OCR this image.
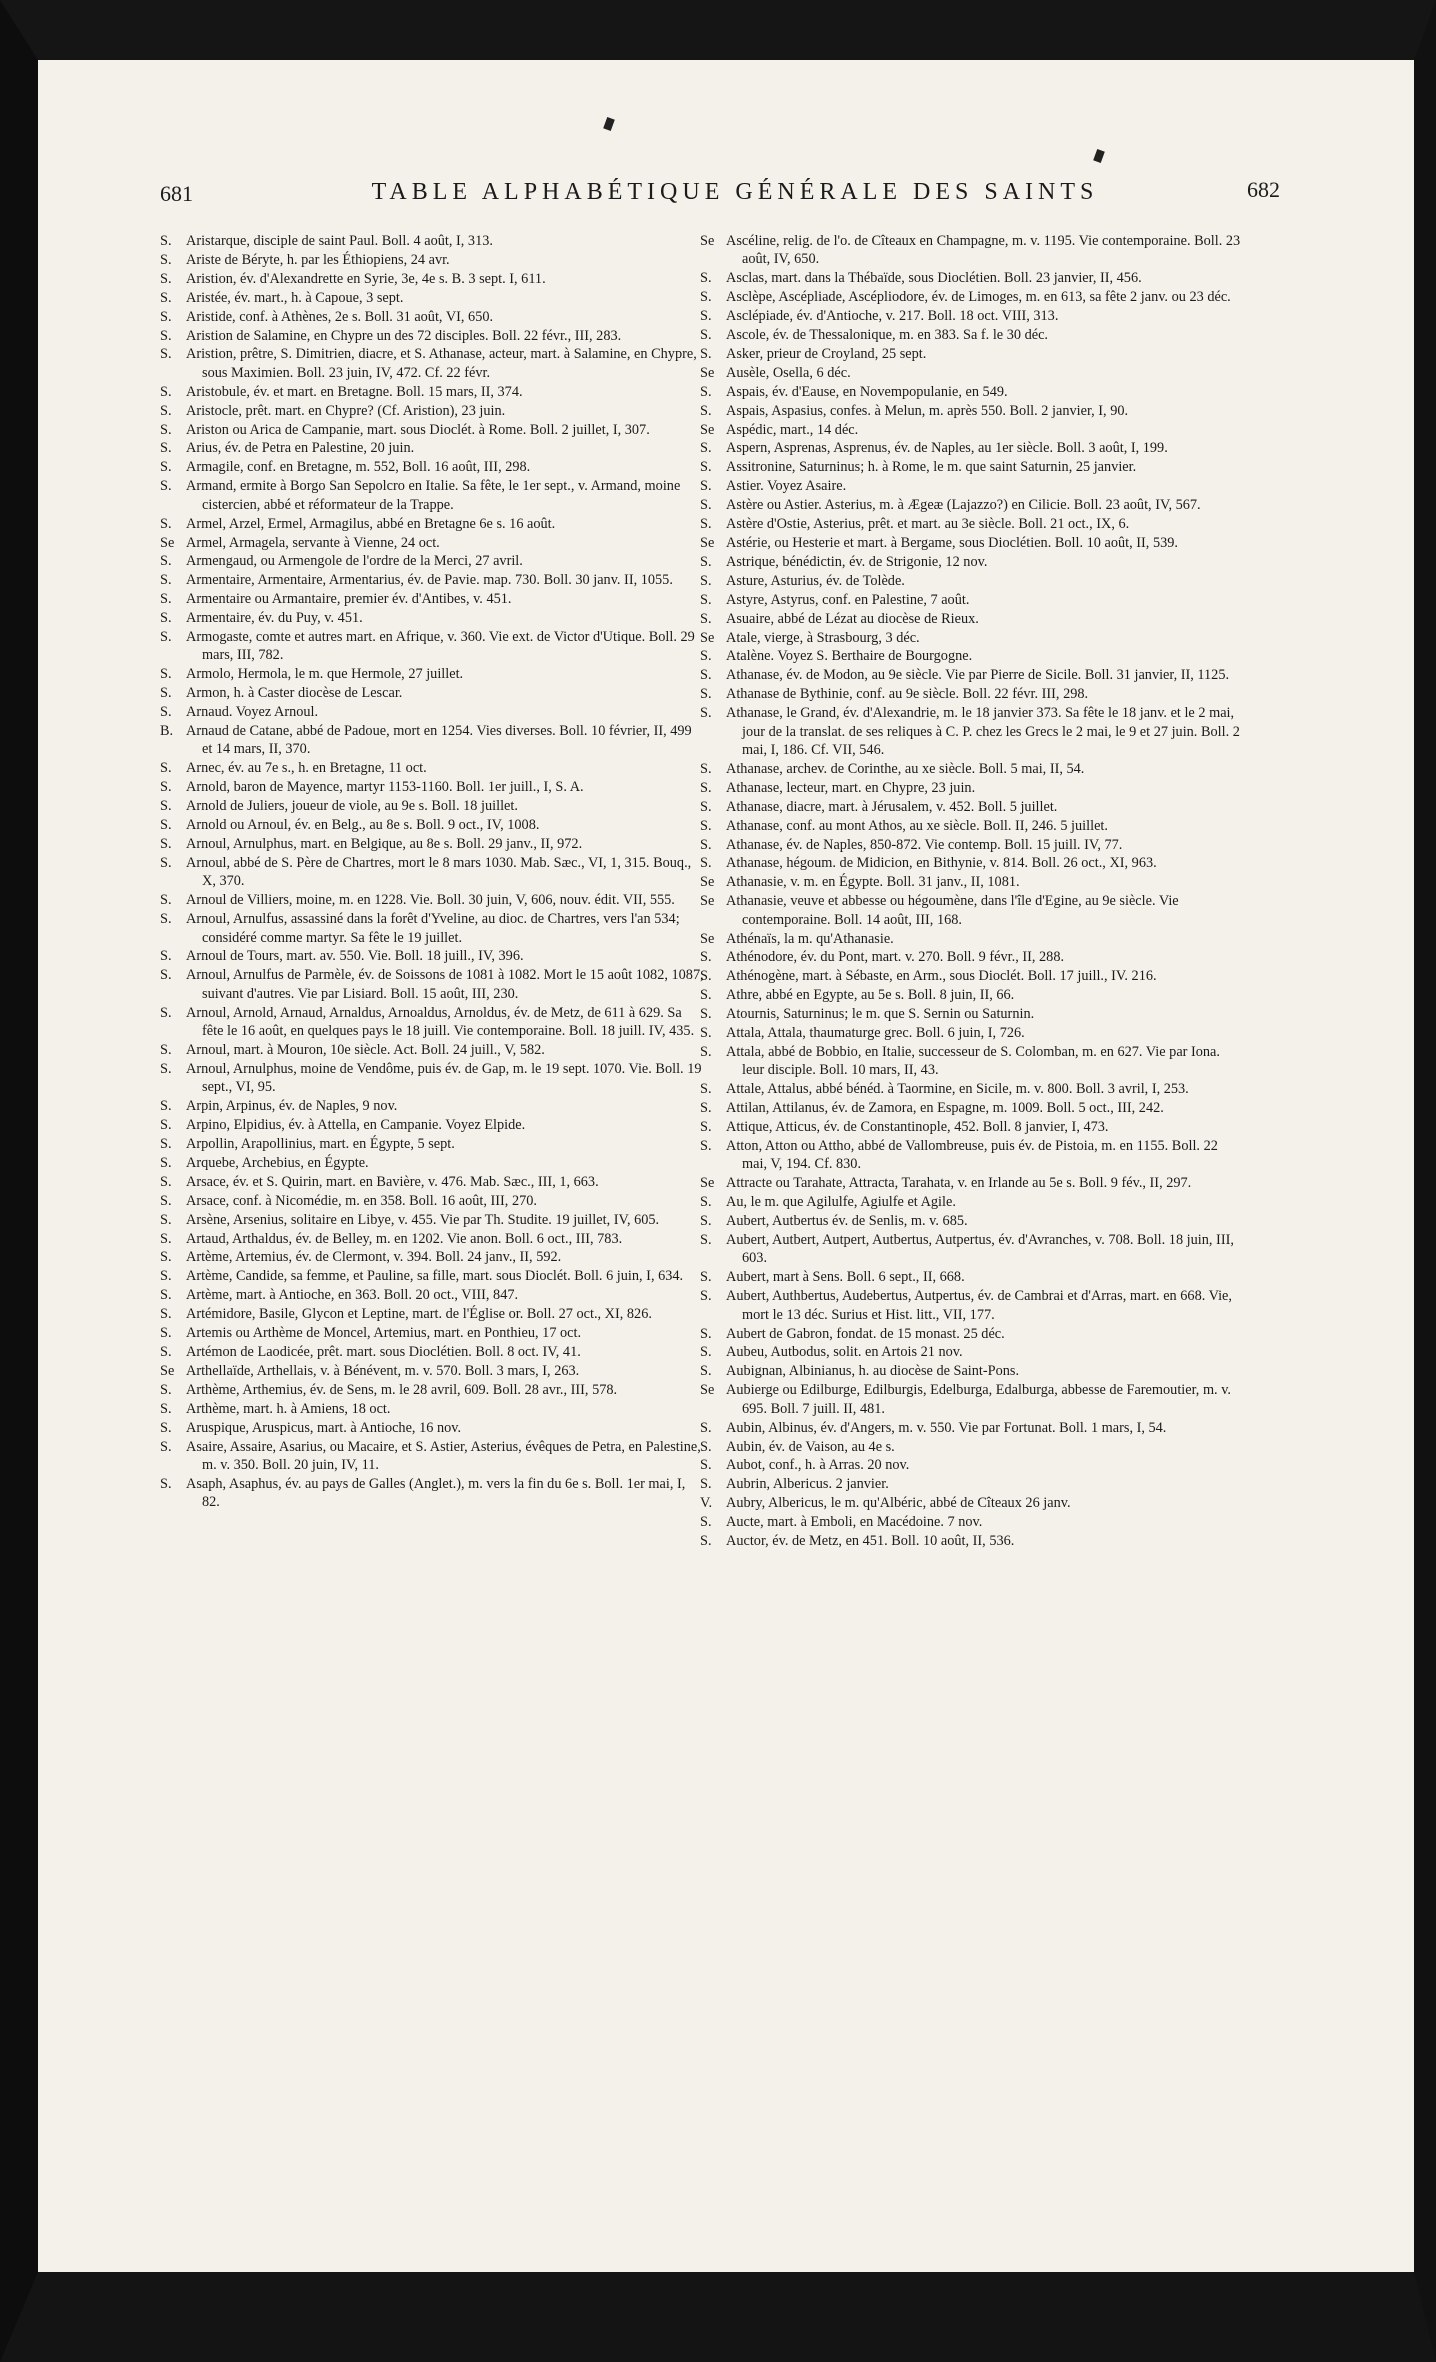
681	TABLE ALPHABÉTIQUE GÉNÉRALE DES SAINTS	682
S.	Aristarque, disciple de saint Paul. Boll. 4 août, I, 313.
S.	Ariste de Béryte, h. par les Éthiopiens, 24 avr.
S.	Aristion, év. d'Alexandrette en Syrie, 3e, 4e s. B. 3 sept. I, 611.
S.	Aristée, év. mart., h. à Capoue, 3 sept.
S.	Aristide, conf. à Athènes, 2e s. Boll. 31 août, VI, 650.
S.	Aristion de Salamine, en Chypre un des 72 disciples. Boll. 22 févr., III, 283.
S.	Aristion, prêtre, S. Dimitrien, diacre, et S. Athanase, acteur, mart. à Salamine, en Chypre, sous Maximien. Boll. 23 juin, IV, 472. Cf. 22 févr.
S.	Aristobule, év. et mart. en Bretagne. Boll. 15 mars, II, 374.
S.	Aristocle, prêt. mart. en Chypre? (Cf. Aristion), 23 juin.
S.	Ariston ou Arica de Campanie, mart. sous Dioclét. à Rome. Boll. 2 juillet, I, 307.
S.	Arius, év. de Petra en Palestine, 20 juin.
S.	Armagile, conf. en Bretagne, m. 552, Boll. 16 août, III, 298.
S.	Armand, ermite à Borgo San Sepolcro en Italie. Sa fête, le 1er sept., v. Armand, moine cistercien, abbé et réformateur de la Trappe.
S.	Armel, Arzel, Ermel, Armagilus, abbé en Bretagne 6e s. 16 août.
Se Armel, Armagela, servante à Vienne, 24 oct.
S.	Armengaud, ou Armengole de l'ordre de la Merci, 27 avril.
S.	Armentaire, Armentaire, Armentarius, év. de Pavie. map. 730. Boll. 30 janv. II, 1055.
S.	Armentaire ou Armantaire, premier év. d'Antibes, v. 451.
S.	Armentaire, év. du Puy, v. 451.
S.	Armogaste, comte et autres mart. en Afrique, v. 360. Vie ext. de Victor d'Utique. Boll. 29 mars, III, 782.
S.	Armolo, Hermola, le m. que Hermole, 27 juillet.
S.	Armon, h. à Caster diocèse de Lescar.
S.	Arnaud. Voyez Arnoul.
B. Arnaud de Catane, abbé de Padoue, mort en 1254. Vies diverses. Boll. 10 février, II, 499 et 14 mars, II, 370.
S.	Arnec, év. au 7e s., h. en Bretagne, 11 oct.
S.	Arnold, baron de Mayence, martyr 1153-1160. Boll. 1er juill., I, S. A.
S.	Arnold de Juliers, joueur de viole, au 9e s. Boll. 18 juillet.
S.	Arnold ou Arnoul, év. en Belg., au 8e s. Boll. 9 oct., IV, 1008.
S.	Arnoul, Arnulphus, mart. en Belgique, au 8e s. Boll. 29 janv., II, 972.
S.	Arnoul, abbé de S. Père de Chartres, mort le 8 mars 1030. Mab. Sæc., VI, 1, 315. Bouq., X, 370.
S.	Arnoul de Villiers, moine, m. en 1228. Vie. Boll. 30 juin, V, 606, nouv. édit. VII, 555.
S.	Arnoul, Arnulfus, assassiné dans la forêt d'Yveline, au dioc. de Chartres, vers l'an 534; considéré comme martyr. Sa fête le 19 juillet.
S.	Arnoul de Tours, mart. av. 550. Vie. Boll. 18 juill., IV, 396.
S.	Arnoul, Arnulfus de Parmèle, év. de Soissons de 1081 à 1082. Mort le 15 août 1082, 1087, suivant d'autres. Vie par Lisiard. Boll. 15 août, III, 230.
S.	Arnoul, Arnold, Arnaud, Arnaldus, Arnoaldus, Arnoldus, év. de Metz, de 611 à 629. Sa fête le 16 août, en quelques pays le 18 juill. Vie contemporaine. Boll. 18 juill. IV, 435.
S.	Arnoul, mart. à Mouron, 10e siècle. Act. Boll. 24 juill., V, 582.
S.	Arnoul, Arnulphus, moine de Vendôme, puis év. de Gap, m. le 19 sept. 1070. Vie. Boll. 19 sept., VI, 95.
S.	Arpin, Arpinus, év. de Naples, 9 nov.
S.	Arpino, Elpidius, év. à Attella, en Campanie. Voyez Elpide.
S.	Arpollin, Arapollinius, mart. en Égypte, 5 sept.
S.	Arquebe, Archebius, en Égypte.
S.	Arsace, év. et S. Quirin, mart. en Bavière, v. 476. Mab. Sæc., III, 1, 663.
S.	Arsace, conf. à Nicomédie, m. en 358. Boll. 16 août, III, 270.
S.	Arsène, Arsenius, solitaire en Libye, v. 455. Vie par Th. Studite. 19 juillet, IV, 605.
S.	Artaud, Arthaldus, év. de Belley, m. en 1202. Vie anon. Boll. 6 oct., III, 783.
S.	Artème, Artemius, év. de Clermont, v. 394. Boll. 24 janv., II, 592.
S.	Artème, Candide, sa femme, et Pauline, sa fille, mart. sous Dioclét. Boll. 6 juin, I, 634.
S.	Artème, mart. à Antioche, en 363. Boll. 20 oct., VIII, 847.
S.	Artémidore, Basile, Glycon et Leptine, mart. de l'Église or. Boll. 27 oct., XI, 826.
S.	Artemis ou Arthème de Moncel, Artemius, mart. en Ponthieu, 17 oct.
S.	Artémon de Laodicée, prêt. mart. sous Dioclétien. Boll. 8 oct. IV, 41.
Se Arthellaïde, Arthellais, v. à Bénévent, m. v. 570. Boll. 3 mars, I, 263.
S.	Arthème, Arthemius, év. de Sens, m. le 28 avril, 609. Boll. 28 avr., III, 578.
S.	Arthème, mart. h. à Amiens, 18 oct.
S.	Aruspique, Aruspicus, mart. à Antioche, 16 nov.
S.	Asaire, Assaire, Asarius, ou Macaire, et S. Astier, Asterius, évêques de Petra, en Palestine, m. v. 350. Boll. 20 juin, IV, 11.
S.	Asaph, Asaphus, év. au pays de Galles (Anglet.), m. vers la fin du 6e s. Boll. 1er mai, I, 82.
Se Ascéline, relig. de l'o. de Cîteaux en Champagne, m. v. 1195. Vie contemporaine. Boll. 23 août, IV, 650.
S.	Asclas, mart. dans la Thébaïde, sous Dioclétien. Boll. 23 janvier, II, 456.
S.	Asclèpe, Ascépliade, Ascépliodore, év. de Limoges, m. en 613, sa fête 2 janv. ou 23 déc.
S.	Asclépiade, év. d'Antioche, v. 217. Boll. 18 oct. VIII, 313.
S.	Ascole, év. de Thessalonique, m. en 383. Sa f. le 30 déc.
S.	Asker, prieur de Croyland, 25 sept.
Se Ausèle, Osella, 6 déc.
S.	Aspais, év. d'Eause, en Novempopulanie, en 549.
S.	Aspais, Aspasius, confes. à Melun, m. après 550. Boll. 2 janvier, I, 90.
Se Aspédic, mart., 14 déc.
S.	Aspern, Asprenas, Asprenus, év. de Naples, au 1er siècle. Boll. 3 août, I, 199.
S.	Assitronine, Saturninus; h. à Rome, le m. que saint Saturnin, 25 janvier.
S.	Astier. Voyez Asaire.
S.	Astère ou Astier. Asterius, m. à Ægeæ (Lajazzo?) en Cilicie. Boll. 23 août, IV, 567.
S.	Astère d'Ostie, Asterius, prêt. et mart. au 3e siècle. Boll. 21 oct., IX, 6.
Se Astérie, ou Hesterie et mart. à Bergame, sous Dioclétien. Boll. 10 août, II, 539.
S.	Astrique, bénédictin, év. de Strigonie, 12 nov.
S.	Asture, Asturius, év. de Tolède.
S.	Astyre, Astyrus, conf. en Palestine, 7 août.
S.	Asuaire, abbé de Lézat au diocèse de Rieux.
Se Atale, vierge, à Strasbourg, 3 déc.
S.	Atalène. Voyez S. Berthaire de Bourgogne.
S.	Athanase, év. de Modon, au 9e siècle. Vie par Pierre de Sicile. Boll. 31 janvier, II, 1125.
S.	Athanase de Bythinie, conf. au 9e siècle. Boll. 22 févr. III, 298.
S.	Athanase, le Grand, év. d'Alexandrie, m. le 18 janvier 373. Sa fête le 18 janv. et le 2 mai, jour de la translat. de ses reliques à C. P. chez les Grecs le 2 mai, le 9 et 27 juin. Boll. 2 mai, I, 186. Cf. VII, 546.
S.	Athanase, archev. de Corinthe, au xe siècle. Boll. 5 mai, II, 54.
S.	Athanase, lecteur, mart. en Chypre, 23 juin.
S.	Athanase, diacre, mart. à Jérusalem, v. 452. Boll. 5 juillet.
S.	Athanase, conf. au mont Athos, au xe siècle. Boll. II, 246. 5 juillet.
S.	Athanase, év. de Naples, 850-872. Vie contemp. Boll. 15 juill. IV, 77.
S.	Athanase, hégoum. de Midicion, en Bithynie, v. 814. Boll. 26 oct., XI, 963.
Se Athanasie, v. m. en Égypte. Boll. 31 janv., II, 1081.
Se Athanasie, veuve et abbesse ou hégoumène, dans l'île d'Egine, au 9e siècle. Vie contemporaine. Boll. 14 août, III, 168.
Se Athénaïs, la m. qu'Athanasie.
S.	Athénodore, év. du Pont, mart. v. 270. Boll. 9 févr., II, 288.
S.	Athénogène, mart. à Sébaste, en Arm., sous Dioclét. Boll. 17 juill., IV. 216.
S.	Athre, abbé en Egypte, au 5e s. Boll. 8 juin, II, 66.
S.	Atournis, Saturninus; le m. que S. Sernin ou Saturnin.
S.	Attala, Attala, thaumaturge grec. Boll. 6 juin, I, 726.
S.	Attala, abbé de Bobbio, en Italie, successeur de S. Colomban, m. en 627. Vie par Iona. leur disciple. Boll. 10 mars, II, 43.
S.	Attale, Attalus, abbé bénéd. à Taormine, en Sicile, m. v. 800. Boll. 3 avril, I, 253.
S.	Attilan, Attilanus, év. de Zamora, en Espagne, m. 1009. Boll. 5 oct., III, 242.
S.	Attique, Atticus, év. de Constantinople, 452. Boll. 8 janvier, I, 473.
S.	Atton, Atton ou Attho, abbé de Vallombreuse, puis év. de Pistoia, m. en 1155. Boll. 22 mai, V, 194. Cf. 830.
Se Attracte ou Tarahate, Attracta, Tarahata, v. en Irlande au 5e s. Boll. 9 fév., II, 297.
S.	Au, le m. que Agilulfe, Agiulfe et Agile.
S.	Aubert, Autbertus év. de Senlis, m. v. 685.
S.	Aubert, Autbert, Autpert, Autbertus, Autpertus, év. d'Avranches, v. 708. Boll. 18 juin, III, 603.
S.	Aubert, mart à Sens. Boll. 6 sept., II, 668.
S.	Aubert, Authbertus, Audebertus, Autpertus, év. de Cambrai et d'Arras, mart. en 668. Vie, mort le 13 déc. Surius et Hist. litt., VII, 177.
S.	Aubert de Gabron, fondat. de 15 monast. 25 déc.
S.	Aubeu, Autbodus, solit. en Artois 21 nov.
S.	Aubignan, Albinianus, h. au diocèse de Saint-Pons.
Se Aubierge ou Edilburge, Edilburgis, Edelburga, Edalburga, abbesse de Faremoutier, m. v. 695. Boll. 7 juill. II, 481.
S.	Aubin, Albinus, év. d'Angers, m. v. 550. Vie par Fortunat. Boll. 1 mars, I, 54.
S.	Aubin, év. de Vaison, au 4e s.
S.	Aubot, conf., h. à Arras. 20 nov.
S.	Aubrin, Albericus. 2 janvier.
V. Aubry, Albericus, le m. qu'Albéric, abbé de Cîteaux 26 janv.
S.	Aucte, mart. à Emboli, en Macédoine. 7 nov.
S.	Auctor, év. de Metz, en 451. Boll. 10 août, II, 536.
